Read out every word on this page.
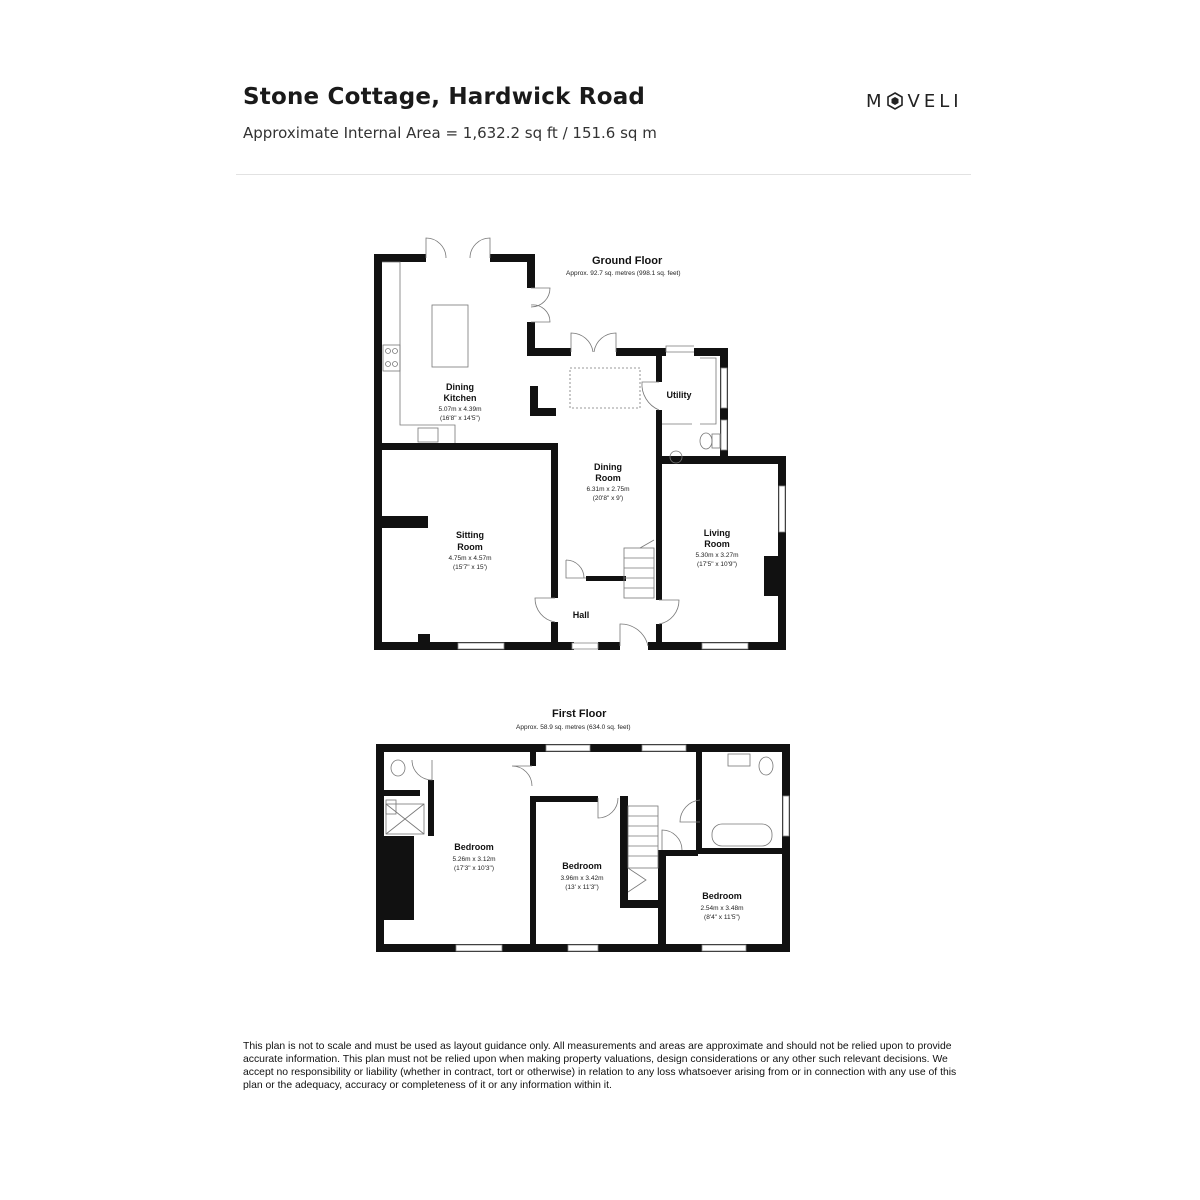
Stone Cottage, Hardwick Road
Approximate Internal Area = 1,632.2 sq ft / 151.6 sq m
M VELI
Ground Floor
Approx. 92.7 sq. metres (998.1 sq. feet)
Dining
Kitchen
5.07m x 4.39m
(16'8" x 14'5")
Dining
Room
6.31m x 2.75m
(20'8" x 9')
Utility
Sitting
Room
4.75m x 4.57m
(15'7" x 15')
Living
Room
5.30m x 3.27m
(17'5" x 10'9")
Hall
First Floor
Approx. 58.9 sq. metres (634.0 sq. feet)
Bedroom
5.26m x 3.12m
(17'3" x 10'3")	Bedroom
3.96m x 3.42m
(13' x 11'3")
Bedroom
2.54m x 3.48m
(8'4" x 11'5")
This plan is not to scale and must be used as layout guidance only. All measurements and areas are approximate and should not be relied upon to provide accurate information. This plan must not be relied upon when making property valuations, design considerations or any other such relevant decisions. We accept no responsibility or liability (whether in contract, tort or otherwise) in relation to any loss whatsoever arising from or in connection with any use of this plan or the adequacy, accuracy or completeness of it or any information within it.
